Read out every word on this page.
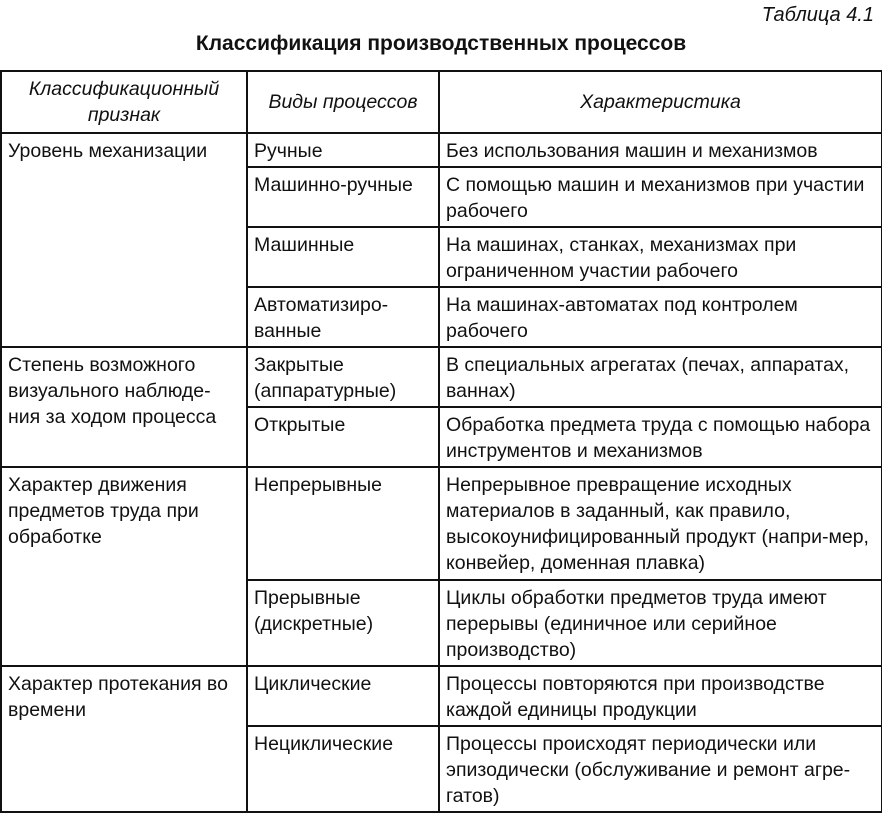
Таблица 4.1
Классификация производственных процессов
Классификационный признак	Виды процессов	Характеристика
Уровень механизации	Ручные	Без использования машин и механизмов
	Машинно-ручные	С помощью машин и механизмов при участии рабочего
	Машинные	На машинах, станках, механизмах при ограниченном участии рабочего
	Автоматизиро-ванные	На машинах-автоматах под контролем рабочего
Степень возможного визуального наблюде-ния за ходом процесса	Закрытые (аппаратурные)	В специальных агрегатах (печах, аппаратах, ваннах)
	Открытые	Обработка предмета труда с помощью набора инструментов и механизмов
Характер движения предметов труда при обработке	Непрерывные	Непрерывное превращение исходных материалов в заданный, как правило, высокоунифицированный продукт (напри-мер, конвейер, доменная плавка)
	Прерывные (дискретные)	Циклы обработки предметов труда имеют перерывы (единичное или серийное производство)
Характер протекания во времени	Циклические	Процессы повторяются при производстве каждой единицы продукции
	Нециклические	Процессы происходят периодически или эпизодически (обслуживание и ремонт агре-гатов)
